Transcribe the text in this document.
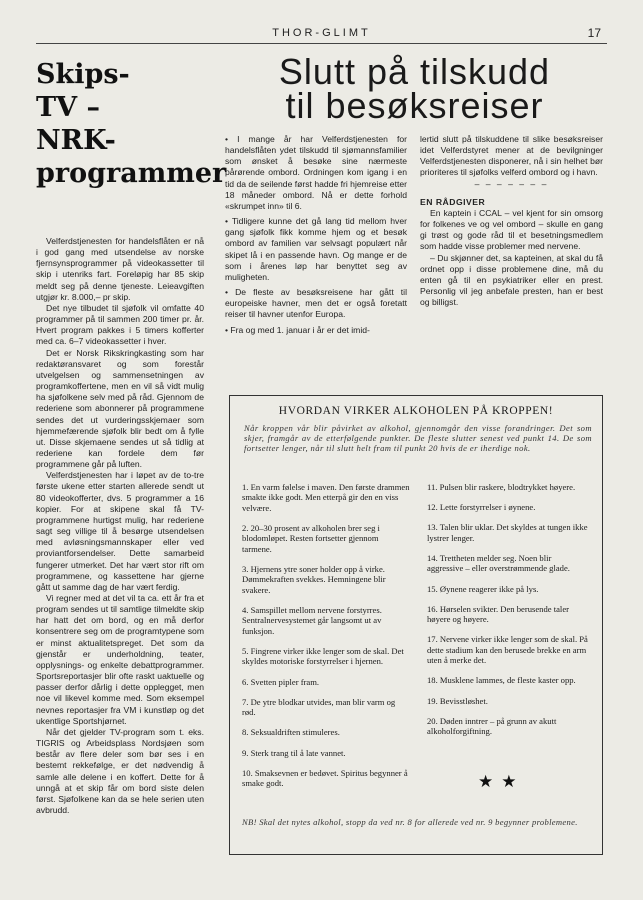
THOR-GLIMT	17
Skips-
TV –
NRK-
programmer

Velferdstjenesten for handelsflåten er nå i god gang med utsendelse av norske fjernsynsprogrammer på videokassetter til skip i utenriks fart. Foreløpig har 85 skip meldt seg på denne tjeneste. Leieavgiften utgjør kr. 8.000,– pr skip.

Det nye tilbudet til sjøfolk vil omfatte 40 programmer på til sammen 200 timer pr. år. Hvert program pakkes i 5 timers kofferter med ca. 6–7 videokassetter i hver.

Det er Norsk Rikskringkasting som har redaktøransvaret og som forestår utvelgelsen og sammensetningen av programkoffertene, men en vil så vidt mulig ha sjøfolkene selv med på råd. Gjennom de rederiene som abonnerer på programmene sendes det ut vurderingsskjemaer som hjemmefærende sjøfolk blir bedt om å fylle ut. Disse skjemaene sendes ut så tidlig at rederiene kan fordele dem før programmene går på luften.

Velferdstjenesten har i løpet av de to-tre første ukene etter starten allerede sendt ut 80 videokofferter, dvs. 5 programmer a 16 kopier. For at skipene skal få TV-programmene hurtigst mulig, har rederiene sagt seg villige til å besørge utsendelsen med avløsningsmannskaper eller ved proviantforsendelser. Dette samarbeid fungerer utmerket. Det har vært stor rift om programmene, og kassettene har gjerne gått ut samme dag de har vært ferdig.

Vi regner med at det vil ta ca. ett år fra et program sendes ut til samtlige tilmeldte skip har hatt det om bord, og en må derfor konsentrere seg om de programtypene som er minst aktualitetspreget. Det som da gjenstår er underholdning, teater, opplysnings- og enkelte debattprogrammer. Sportsreportasjer blir ofte raskt uaktuelle og passer derfor dårlig i dette opplegget, men noe vil likevel komme med. Som eksempel nevnes reportasjer fra VM i kunstløp og det ukentlige Sportshjørnet.

Når det gjelder TV-program som t. eks. TIGRIS og Arbeidsplass Nordsjøen som består av flere deler som bør ses i en bestemt rekkefølge, er det nødvendig å samle alle delene i en koffert. Dette for å unngå at et skip får om bord siste delen først. Sjøfolkene kan da se hele serien uten avbrudd.

Slutt på tilskudd
til besøksreiser

• I mange år har Velferdstjenesten for handelsflåten ydet tilskudd til sjømannsfamilier som ønsket å besøke sine nærmeste pårørende ombord. Ordningen kom igang i en tid da de seilende først hadde fri hjemreise etter 18 måneder ombord. Nå er dette forhold «skrumpet inn» til 6.

• Tidligere kunne det gå lang tid mellom hver gang sjøfolk fikk komme hjem og et besøk ombord av familien var selvsagt populært når skipet lå i en passende havn. Og mange er de som i årenes løp har benyttet seg av muligheten.

• De fleste av besøksreisene har gått til europeiske havner, men det er også foretatt reiser til havner utenfor Europa.

• Fra og med 1. januar i år er det imid-

lertid slutt på tilskuddene til slike besøksreiser idet Velferdstyret mener at de bevilgninger Velferdstjenesten disponerer, nå i sin helhet bør prioriteres til sjøfolks velferd ombord og i havn.

– – – – – – –

EN RÅDGIVER

En kaptein i CCAL – vel kjent for sin omsorg for folkenes ve og vel ombord – skulle en gang gi trøst og gode råd til et besetningsmedlem som hadde visse problemer med nervene.

– Du skjønner det, sa kapteinen, at skal du få ordnet opp i disse problemene dine, må du enten gå til en psykiatriker eller en prest. Personlig vil jeg anbefale presten, han er best og billigst.

HVORDAN VIRKER ALKOHOLEN PÅ KROPPEN!
Når kroppen vår blir påvirket av alkohol, gjennomgår den visse forandringer. Det som skjer, framgår av de etterfølgende punkter. De fleste slutter senest ved punkt 14. De som fortsetter lenger, når til slutt helt fram til punkt 20 hvis de er iherdige nok.

1. En varm følelse i maven. Den første drammen smakte ikke godt. Men etterpå gir den en viss velvære.

2. 20–30 prosent av alkoholen brer seg i blodomløpet. Resten fortsetter gjennom tarmene.

3. Hjernens ytre soner holder opp å virke. Dømmekraften svekkes. Hemningene blir svakere.

4. Samspillet mellom nervene forstyrres. Sentralnervesystemet går langsomt ut av funksjon.

5. Fingrene virker ikke lenger som de skal. Det skyldes motoriske forstyrrelser i hjernen.

6. Svetten pipler fram.

7. De ytre blodkar utvides, man blir varm og rød.

8. Seksualdriften stimuleres.

9. Sterk trang til å late vannet.

10. Smaksevnen er bedøvet. Spiritus begynner å smake godt.

11. Pulsen blir raskere, blodtrykket høyere.

12. Lette forstyrrelser i øynene.

13. Talen blir uklar. Det skyldes at tungen ikke lystrer lenger.

14. Trettheten melder seg. Noen blir aggressive – eller overstrømmende glade.

15. Øynene reagerer ikke på lys.

16. Hørselen svikter. Den berusende taler høyere og høyere.

17. Nervene virker ikke lenger som de skal. På dette stadium kan den berusede brekke en arm uten å merke det.

18. Musklene lammes, de fleste kaster opp.

19. Bevisstløshet.

20. Døden inntrer – på grunn av akutt alkoholforgiftning.

★★
NB! Skal det nytes alkohol, stopp da ved nr. 8 for allerede ved nr. 9 begynner problemene.
